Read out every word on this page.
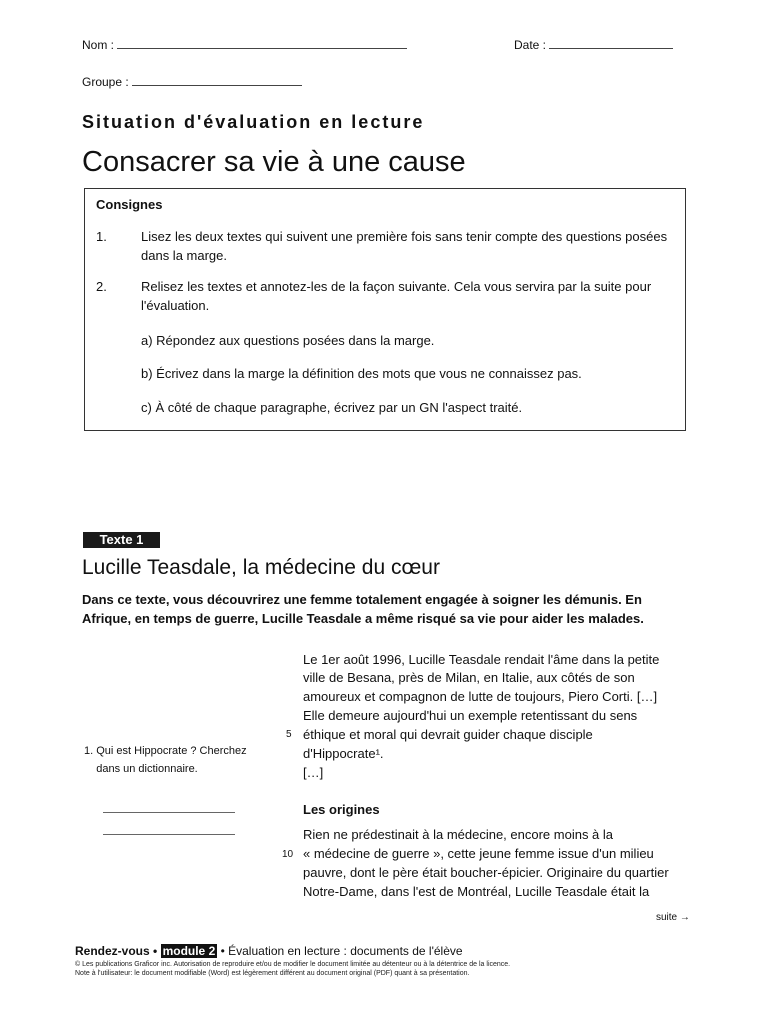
Nom :	Date :
Groupe :
Situation d'évaluation en lecture
Consacrer sa vie à une cause
Consignes
1.	Lisez les deux textes qui suivent une première fois sans tenir compte des questions posées dans la marge.
2.	Relisez les textes et annotez-les de la façon suivante. Cela vous servira par la suite pour l'évaluation.
a) Répondez aux questions posées dans la marge.
b) Écrivez dans la marge la définition des mots que vous ne connaissez pas.
c) À côté de chaque paragraphe, écrivez par un GN l'aspect traité.
Texte 1
Lucille Teasdale, la médecine du cœur
Dans ce texte, vous découvrirez une femme totalement engagée à soigner les démunis. En Afrique, en temps de guerre, Lucille Teasdale a même risqué sa vie pour aider les malades.
Le 1er août 1996, Lucille Teasdale rendait l'âme dans la petite
ville de Besana, près de Milan, en Italie, aux côtés de son
amoureux et compagnon de lutte de toujours, Piero Corti. […]
Elle demeure aujourd'hui un exemple retentissant du sens
éthique et moral qui devrait guider chaque disciple
d'Hippocrate¹.
[…]
5
1. Qui est Hippocrate ? Cherchez
dans un dictionnaire.
Les origines
Rien ne prédestinait à la médecine, encore moins à la
« médecine de guerre », cette jeune femme issue d'un milieu
pauvre, dont le père était boucher-épicier. Originaire du quartier
Notre-Dame, dans l'est de Montréal, Lucille Teasdale était la
10
suite →
Rendez-vous • module 2 • Évaluation en lecture : documents de l'élève
© Les publications Graficor inc. Autorisation de reproduire et/ou de modifier le document limitée au détenteur ou à la détentrice de la licence.
Note à l'utilisateur: le document modifiable (Word) est légèrement différent au document original (PDF) quant à sa présentation.
